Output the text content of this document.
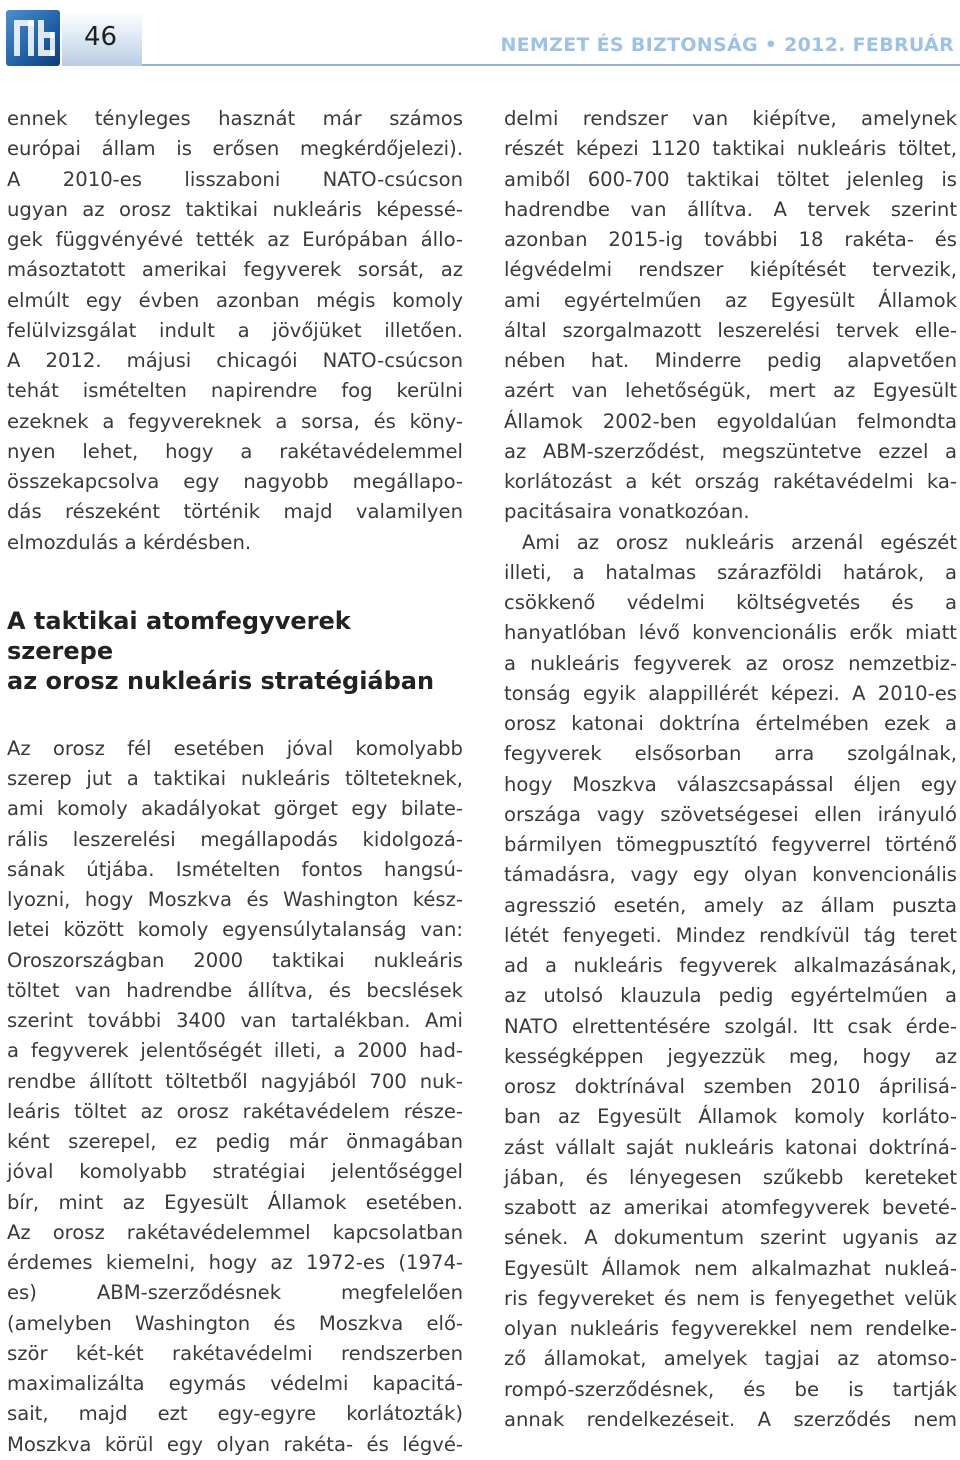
46	NEMZET ÉS BIZTONSÁG • 2012. FEBRUÁR

ennek tényleges hasznát már számos

európai állam is erősen megkérdőjelezi).

A 2010-es lisszaboni NATO-csúcson

ugyan az orosz taktikai nukleáris képessé-

gek függvényévé tették az Európában állo-

másoztatott amerikai fegyverek sorsát, az

elmúlt egy évben azonban mégis komoly

felülvizsgálat indult a jövőjüket illetően.

A 2012. májusi chicagói NATO-csúcson

tehát ismételten napirendre fog kerülni

ezeknek a fegyvereknek a sorsa, és köny-

nyen lehet, hogy a rakétavédelemmel

összekapcsolva egy nagyobb megállapo-

dás részeként történik majd valamilyen

elmozdulás a kérdésben.

A taktikai atomfegyverek szerepe
az orosz nukleáris stratégiában

Az orosz fél esetében jóval komolyabb

szerep jut a taktikai nukleáris tölteteknek,

ami komoly akadályokat görget egy bilate-

rális leszerelési megállapodás kidolgozá-

sának útjába. Ismételten fontos hangsú-

lyozni, hogy Moszkva és Washington kész-

letei között komoly egyensúlytalanság van:

Oroszországban 2000 taktikai nukleáris

töltet van hadrendbe állítva, és becslések

szerint további 3400 van tartalékban. Ami

a fegyverek jelentőségét illeti, a 2000 had-

rendbe állított töltetből nagyjából 700 nuk-

leáris töltet az orosz rakétavédelem része-

ként szerepel, ez pedig már önmagában

jóval komolyabb stratégiai jelentőséggel

bír, mint az Egyesült Államok esetében.

Az orosz rakétavédelemmel kapcsolatban

érdemes kiemelni, hogy az 1972-es (1974-

es) ABM-szerződésnek megfelelően

(amelyben Washington és Moszkva elő-

ször két-két rakétavédelmi rendszerben

maximalizálta egymás védelmi kapacitá-

sait, majd ezt egy-egyre korlátozták)

Moszkva körül egy olyan rakéta- és légvé-

delmi rendszer van kiépítve, amelynek

részét képezi 1120 taktikai nukleáris töltet,

amiből 600-700 taktikai töltet jelenleg is

hadrendbe van állítva. A tervek szerint

azonban 2015-ig további 18 rakéta- és

légvédelmi rendszer kiépítését tervezik,

ami egyértelműen az Egyesült Államok

által szorgalmazott leszerelési tervek elle-

nében hat. Minderre pedig alapvetően

azért van lehetőségük, mert az Egyesült

Államok 2002-ben egyoldalúan felmondta

az ABM-szerződést, megszüntetve ezzel a

korlátozást a két ország rakétavédelmi ka-

pacitásaira vonatkozóan.

Ami az orosz nukleáris arzenál egészét

illeti, a hatalmas szárazföldi határok, a

csökkenő védelmi költségvetés és a

hanyatlóban lévő konvencionális erők miatt

a nukleáris fegyverek az orosz nemzetbiz-

tonság egyik alappillérét képezi. A 2010-es

orosz katonai doktrína értelmében ezek a

fegyverek elsősorban arra szolgálnak,

hogy Moszkva válaszcsapással éljen egy

országa vagy szövetségesei ellen irányuló

bármilyen tömegpusztító fegyverrel történő

támadásra, vagy egy olyan konvencionális

agresszió esetén, amely az állam puszta

létét fenyegeti. Mindez rendkívül tág teret

ad a nukleáris fegyverek alkalmazásának,

az utolsó klauzula pedig egyértelműen a

NATO elrettentésére szolgál. Itt csak érde-

kességképpen jegyezzük meg, hogy az

orosz doktrínával szemben 2010 áprilisá-

ban az Egyesült Államok komoly korláto-

zást vállalt saját nukleáris katonai doktríná-

jában, és lényegesen szűkebb kereteket

szabott az amerikai atomfegyverek beveté-

sének. A dokumentum szerint ugyanis az

Egyesült Államok nem alkalmazhat nukleá-

ris fegyvereket és nem is fenyegethet velük

olyan nukleáris fegyverekkel nem rendelke-

ző államokat, amelyek tagjai az atomso-

rompó-szerződésnek, és be is tartják

annak rendelkezéseit. A szerződés nem
